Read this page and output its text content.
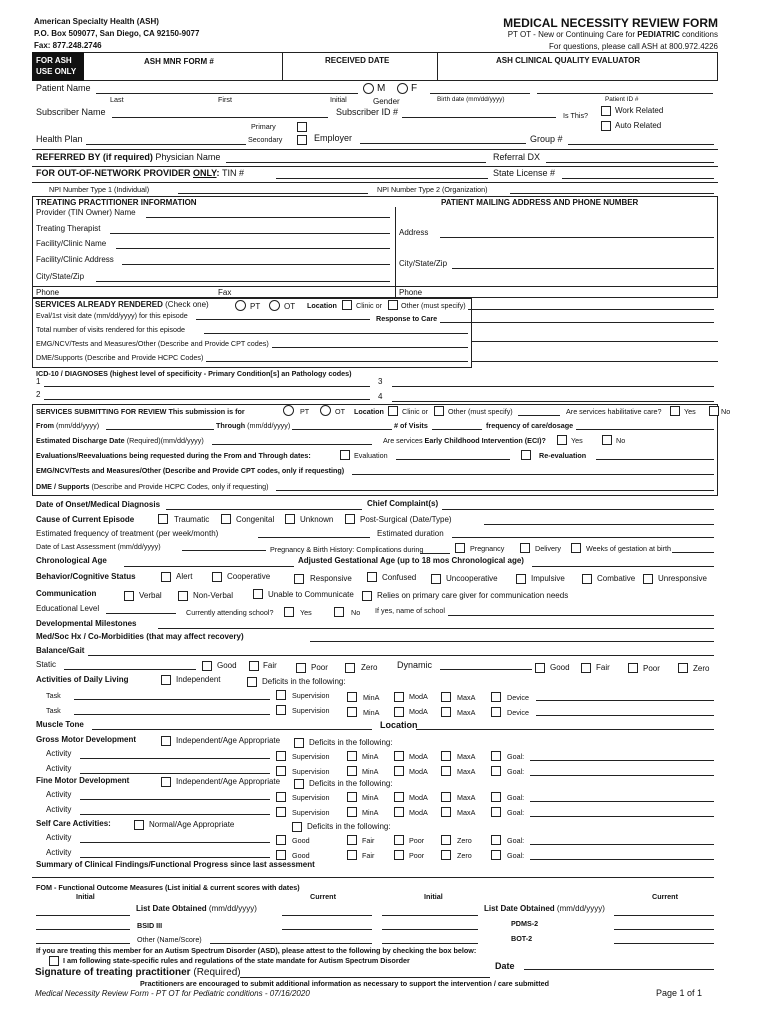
American Specialty Health (ASH)
P.O. Box 509077, San Diego, CA 92150-9077
Fax: 877.248.2746
MEDICAL NECESSITY REVIEW FORM
PT OT - New or Continuing Care for PEDIATRIC conditions
For questions, please call ASH at 800.972.4226
FOR ASH USE ONLY
ASH MNR FORM #	RECEIVED DATE	ASH CLINICAL QUALITY EVALUATOR
Patient Name
Last	First	Initial
M	F
Gender	Birth date (mm/dd/yyyy)	Patient ID #
Work Related
Is This?
Auto Related
Subscriber Name	Subscriber ID #
Primary
Secondary
Health Plan	Employer	Group #
REFERRED BY (if required) Physician Name	Referral DX
FOR OUT-OF-NETWORK PROVIDER ONLY: TIN #	State License #
NPI Number Type 1 (Individual)	NPI Number Type 2 (Organization)
TREATING PRACTITIONER INFORMATION	PATIENT MAILING ADDRESS AND PHONE NUMBER
Provider (TIN Owner) Name
Treating Therapist
Facility/Clinic Name
Facility/Clinic Address
City/State/Zip
Phone	Fax
Address
City/State/Zip
Phone
SERVICES ALREADY RENDERED (Check one)	PT	OT Location	Clinic or	Other (must specify)
Eval/1st visit date (mm/dd/yyyy) for this episode	Response to Care
Total number of visits rendered for this episode
EMG/NCV/Tests and Measures/Other (Describe and Provide CPT codes)
DME/Supports (Describe and Provide HCPC Codes)
ICD-10 / DIAGNOSES (highest level of specificity - Primary Condition[s] an Pathology codes)
1	3
2	4
SERVICES SUBMITTING FOR REVIEW This submission is for	PT	OT Location	Clinic or	Other (must specify)	Are services habilitative care?	Yes	No
From (mm/dd/yyyy)	Through (mm/dd/yyyy)	# of Visits	frequency of care/dosage
Estimated Discharge Date (Required)(mm/dd/yyyy)	Are services Early Childhood Intervention (ECI)?	Yes	No
Evaluations/Reevaluations being requested during the From and Through dates:	Evaluation	Re-evaluation
EMG/NCV/Tests and Measures/Other (Describe and Provide CPT codes, only if requesting)
DME / Supports (Describe and Provide HCPC Codes, only if requesting)
Date of Onset/Medical Diagnosis	Chief Complaint(s)
Cause of Current Episode	Traumatic	Congenital	Unknown	Post-Surgical (Date/Type)
Estimated frequency of treatment (per week/month)	Estimated duration
Date of Last Assessment (mm/dd/yyyy)	Pregnancy & Birth History: Complications during	Pregnancy	Delivery	Weeks of gestation at birth
Chronological Age	Adjusted Gestational Age (up to 18 mos Chronological age)
Behavior/Cognitive Status	Alert	Cooperative	Responsive	Confused	Uncooperative	Impulsive	Combative	Unresponsive
Communication	Verbal	Non-Verbal	Unable to Communicate	Relies on primary care giver for communication needs
Educational Level	Currently attending school?	Yes	No If yes, name of school
Developmental Milestones
Med/Soc Hx / Co-Morbidities (that may affect recovery)
Balance/Gait
Static	Good	Fair	Poor	Zero Dynamic	Good	Fair	Poor	Zero
Activities of Daily Living	Independent	Deficits in the following:
Task	Supervision	MinA	ModA	MaxA	Device
Task	Supervision	MinA	ModA	MaxA	Device
Muscle Tone	Location
Gross Motor Development	Independent/Age Appropriate	Deficits in the following:
Activity	Supervision	MinA	ModA	MaxA	Goal:
Activity	Supervision	MinA	ModA	MaxA	Goal:
Fine Motor Development	Independent/Age Appropriate	Deficits in the following:
Activity	Supervision	MinA	ModA	MaxA	Goal:
Activity	Supervision	MinA	ModA	MaxA	Goal:
Self Care Activities:	Normal/Age Appropriate	Deficits in the following:
Activity	Good	Fair	Poor	Zero	Goal:
Activity	Good	Fair	Poor	Zero	Goal:
Summary of Clinical Findings/Functional Progress since last assessment
FOM - Functional Outcome Measures (List initial & current scores with dates)
Initial	Current	Initial	Current
List Date Obtained (mm/dd/yyyy)	List Date Obtained (mm/dd/yyyy)
BSID III	PDMS-2
Other (Name/Score)	BOT-2
If you are treating this member for an Autism Spectrum Disorder (ASD), please attest to the following by checking the box below:
I am following state-specific rules and regulations of the state mandate for Autism Spectrum Disorder
Signature of treating practitioner (Required)
Date
Practitioners are encouraged to submit additional information as necessary to support the intervention / care submitted
Medical Necessity Review Form - PT OT for Pediatric conditions - 07/16/2020	Page 1 of 1
